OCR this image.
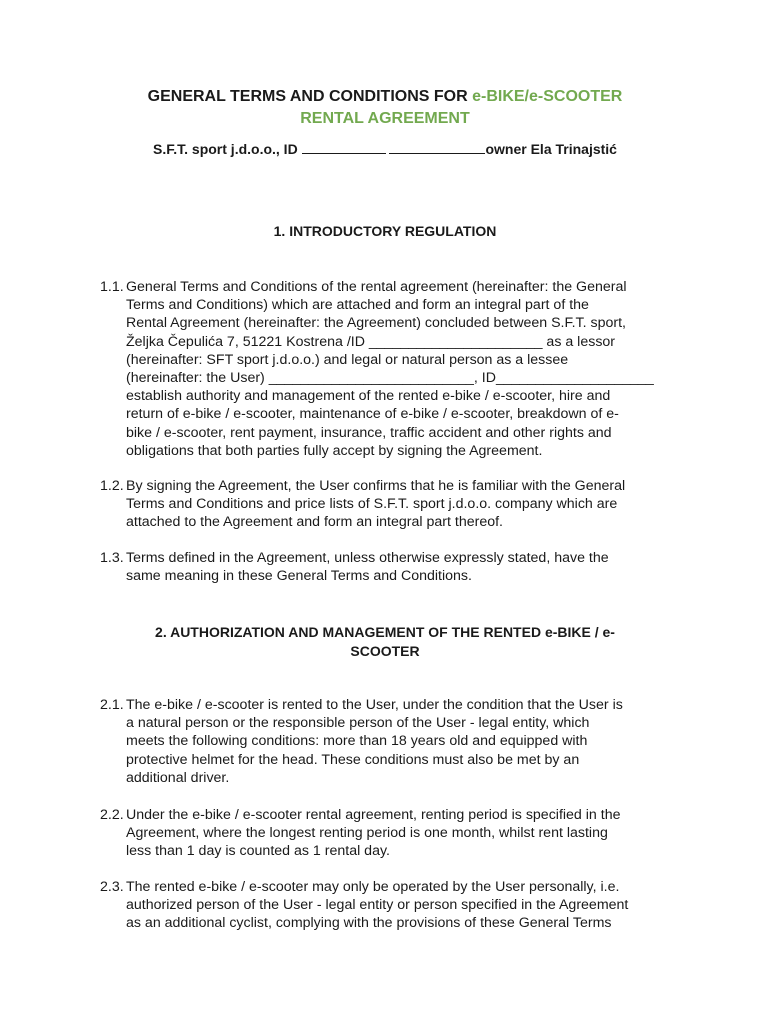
GENERAL TERMS AND CONDITIONS FOR e-BIKE/e-SCOOTER
RENTAL AGREEMENT
S.F.T. sport j.d.o.o., ID	owner Ela Trinajstić
1. INTRODUCTORY REGULATION
1.1. General Terms and Conditions of the rental agreement (hereinafter: the General
Terms and Conditions) which are attached and form an integral part of the
Rental Agreement (hereinafter: the Agreement) concluded between S.F.T. sport,
Željka Čepulića 7, 51221 Kostrena /ID ______________________ as a lessor
(hereinafter: SFT sport j.d.o.o.) and legal or natural person as a lessee
(hereinafter: the User) __________________________, ID____________________
establish authority and management of the rented e-bike / e-scooter, hire and
return of e-bike / e-scooter, maintenance of e-bike / e-scooter, breakdown of e-
bike / e-scooter, rent payment, insurance, traffic accident and other rights and
obligations that both parties fully accept by signing the Agreement.
1.2. By signing the Agreement, the User confirms that he is familiar with the General
Terms and Conditions and price lists of S.F.T. sport j.d.o.o. company which are
attached to the Agreement and form an integral part thereof.
1.3. Terms defined in the Agreement, unless otherwise expressly stated, have the
same meaning in these General Terms and Conditions.
2. AUTHORIZATION AND MANAGEMENT OF THE RENTED e-BIKE / e-
SCOOTER
2.1. The e-bike / e-scooter is rented to the User, under the condition that the User is
a natural person or the responsible person of the User - legal entity, which
meets the following conditions: more than 18 years old and equipped with
protective helmet for the head. These conditions must also be met by an
additional driver.
2.2. Under the e-bike / e-scooter rental agreement, renting period is specified in the
Agreement, where the longest renting period is one month, whilst rent lasting
less than 1 day is counted as 1 rental day.
2.3. The rented e-bike / e-scooter may only be operated by the User personally, i.e.
authorized person of the User - legal entity or person specified in the Agreement
as an additional cyclist, complying with the provisions of these General Terms
